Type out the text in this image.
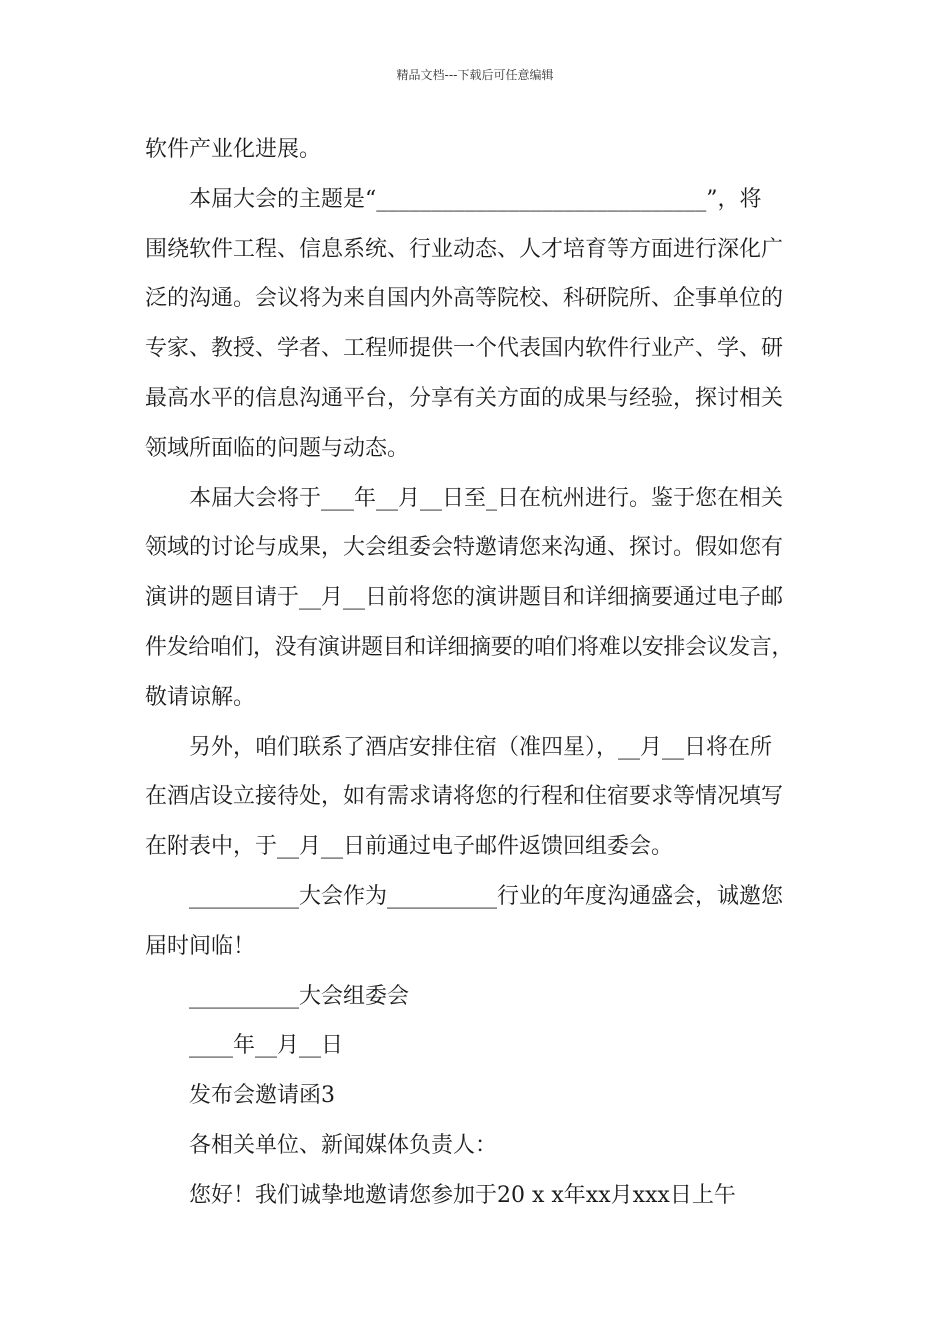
精品文档---下载后可任意编辑
软件产业化进展。
本届大会的主题是“______________________________”，将
围绕软件工程、信息系统、行业动态、人才培育等方面进行深化广
泛的沟通。会议将为来自国内外高等院校、科研院所、企事单位的
专家、教授、学者、工程师提供一个代表国内软件行业产、学、研
最高水平的信息沟通平台，分享有关方面的成果与经验，探讨相关
领域所面临的问题与动态。
本届大会将于___年__月__日至_日在杭州进行。鉴于您在相关
领域的讨论与成果，大会组委会特邀请您来沟通、探讨。假如您有
演讲的题目请于__月__日前将您的演讲题目和详细摘要通过电子邮
件发给咱们，没有演讲题目和详细摘要的咱们将难以安排会议发言，
敬请谅解。
另外，咱们联系了酒店安排住宿（准四星），__月__日将在所
在酒店设立接待处，如有需求请将您的行程和住宿要求等情况填写
在附表中，于__月__日前通过电子邮件返馈回组委会。
__________大会作为__________行业的年度沟通盛会，诚邀您
届时间临！
__________大会组委会
____年__月__日
发布会邀请函3
各相关单位、新闻媒体负责人：
您好！我们诚挚地邀请您参加于20 x x年xx月xxx日上午
